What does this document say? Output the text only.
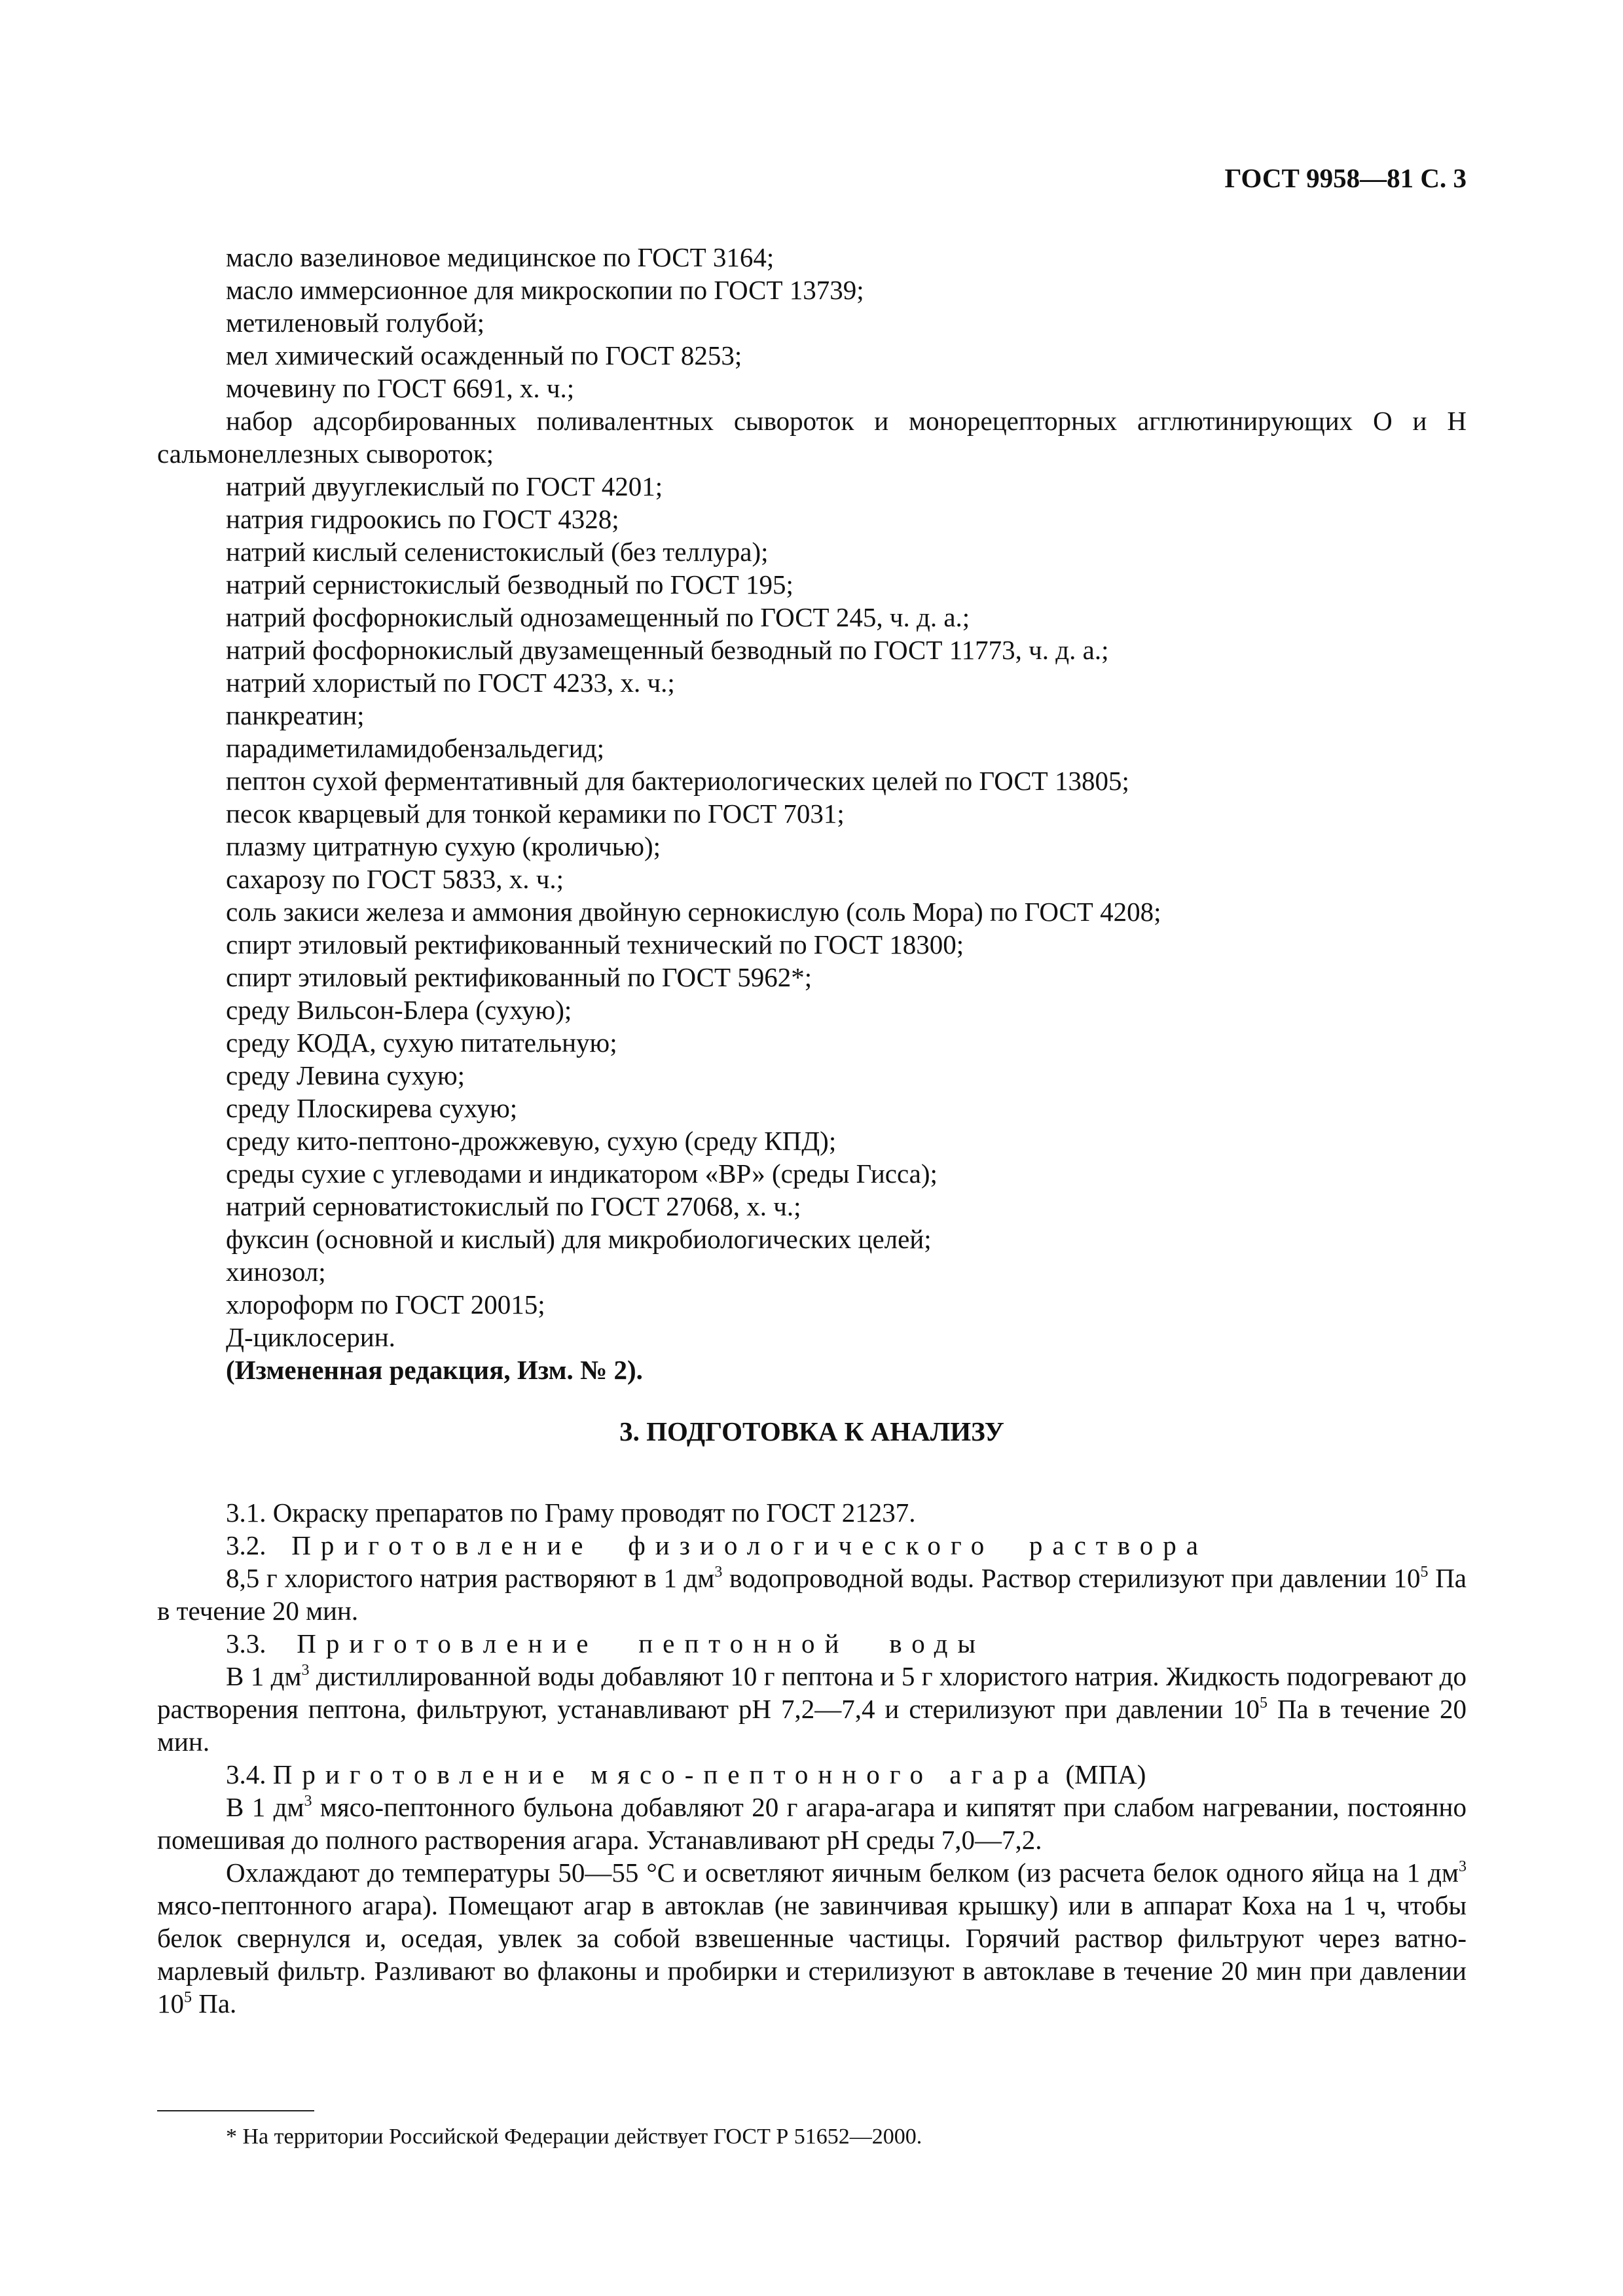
ГОСТ 9958—81 С. 3

масло вазелиновое медицинское по ГОСТ 3164;

масло иммерсионное для микроскопии по ГОСТ 13739;

метиленовый голубой;

мел химический осажденный по ГОСТ 8253;

мочевину по ГОСТ 6691, х. ч.;

набор адсорбированных поливалентных сывороток и монорецепторных агглютинирующих О и Н сальмонеллезных сывороток;

натрий двууглекислый по ГОСТ 4201;

натрия гидроокись по ГОСТ 4328;

натрий кислый селенистокислый (без теллура);

натрий сернистокислый безводный по ГОСТ 195;

натрий фосфорнокислый однозамещенный по ГОСТ 245, ч. д. а.;

натрий фосфорнокислый двузамещенный безводный по ГОСТ 11773, ч. д. а.;

натрий хлористый по ГОСТ 4233, х. ч.;

панкреатин;

парадиметиламидобензальдегид;

пептон сухой ферментативный для бактериологических целей по ГОСТ 13805;

песок кварцевый для тонкой керамики по ГОСТ 7031;

плазму цитратную сухую (кроличью);

сахарозу по ГОСТ 5833, х. ч.;

соль закиси железа и аммония двойную сернокислую (соль Мора) по ГОСТ 4208;

спирт этиловый ректификованный технический по ГОСТ 18300;

спирт этиловый ректификованный по ГОСТ 5962*;

среду Вильсон-Блера (сухую);

среду КОДА, сухую питательную;

среду Левина сухую;

среду Плоскирева сухую;

среду кито-пептоно-дрожжевую, сухую (среду КПД);

среды сухие с углеводами и индикатором «ВР» (среды Гисса);

натрий серноватистокислый по ГОСТ 27068, х. ч.;

фуксин (основной и кислый) для микробиологических целей;

хинозол;

хлороформ по ГОСТ 20015;

Д-циклосерин.

(Измененная редакция, Изм. № 2).

3. ПОДГОТОВКА К АНАЛИЗУ

3.1. Окраску препаратов по Граму проводят по ГОСТ 21237.

3.2. Приготовление физиологического раствора

8,5 г хлористого натрия растворяют в 1 $дм^3$ водопроводной воды. Раствор стерилизуют при давлении $10^5$ Па в течение 20 мин.

3.3. Приготовление пептонной воды

В 1 $дм^3$ дистиллированной воды добавляют 10 г пептона и 5 г хлористого натрия. Жидкость подогревают до растворения пептона, фильтруют, устанавливают pH 7,2—7,4 и стерилизуют при давлении $10^5$ Па в течение 20 мин.

3.4. Приготовление мясо-пептонного агара (МПА)

В 1 $дм^3$ мясо-пептонного бульона добавляют 20 г агара-агара и кипятят при слабом нагревании, постоянно помешивая до полного растворения агара. Устанавливают pH среды 7,0—7,2.

Охлаждают до температуры 50—55 °С и осветляют яичным белком (из расчета белок одного яйца на 1 $дм^3$ мясо-пептонного агара). Помещают агар в автоклав (не завинчивая крышку) или в аппарат Коха на 1 ч, чтобы белок свернулся и, оседая, увлек за собой взвешенные частицы. Горячий раствор фильтруют через ватно-марлевый фильтр. Разливают во флаконы и пробирки и стерилизуют в автоклаве в течение 20 мин при давлении $10^5$ Па.

* На территории Российской Федерации действует ГОСТ Р 51652—2000.
